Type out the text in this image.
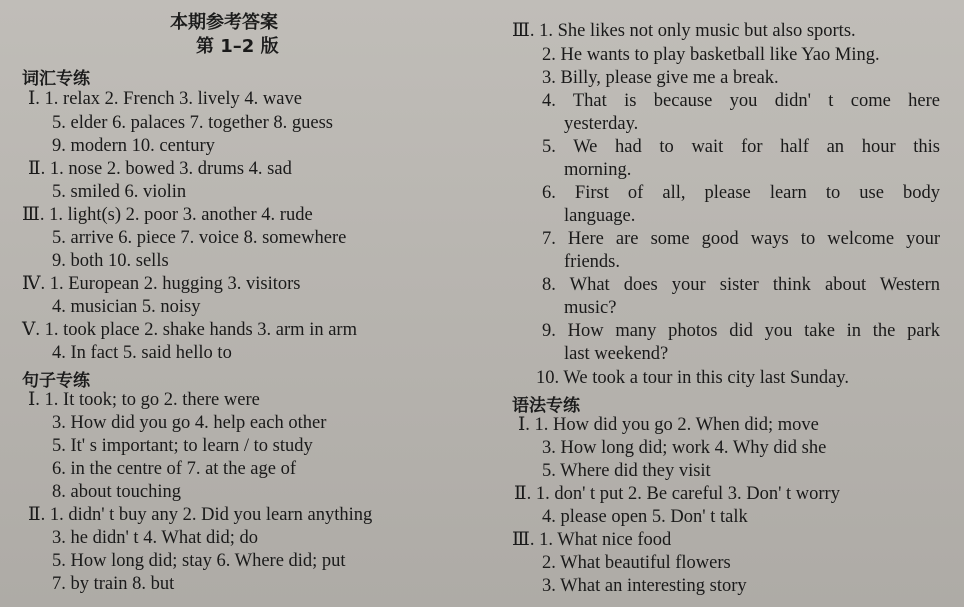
本期参考答案
第 1–2 版
词汇专练
Ⅰ. 1. relax 2. French 3. lively 4. wave
5. elder 6. palaces 7. together 8. guess
9. modern 10. century
Ⅱ. 1. nose 2. bowed 3. drums 4. sad
5. smiled 6. violin
Ⅲ. 1. light(s) 2. poor 3. another 4. rude
5. arrive 6. piece 7. voice 8. somewhere
9. both 10. sells
Ⅳ. 1. European 2. hugging 3. visitors
4. musician 5. noisy
Ⅴ. 1. took place 2. shake hands 3. arm in arm
4. In fact 5. said hello to
句子专练
Ⅰ. 1. It took; to go 2. there were
3. How did you go 4. help each other
5. It' s important; to learn / to study
6. in the centre of 7. at the age of
8. about touching
Ⅱ. 1. didn' t buy any 2. Did you learn anything
3. he didn' t 4. What did; do
5. How long did; stay 6. Where did; put
7. by train 8. but
Ⅲ. 1. She likes not only music but also sports.
2. He wants to play basketball like Yao Ming.
3. Billy, please give me a break.
4. That is because you didn' t come here
yesterday.
5. We had to wait for half an hour this
morning.
6. First of all, please learn to use body
language.
7. Here are some good ways to welcome your
friends.
8. What does your sister think about Western
music?
9. How many photos did you take in the park
last weekend?
10. We took a tour in this city last Sunday.
语法专练
Ⅰ. 1. How did you go 2. When did; move
3. How long did; work 4. Why did she
5. Where did they visit
Ⅱ. 1. don' t put 2. Be careful 3. Don' t worry
4. please open 5. Don' t talk
Ⅲ. 1. What nice food
2. What beautiful flowers
3. What an interesting story
